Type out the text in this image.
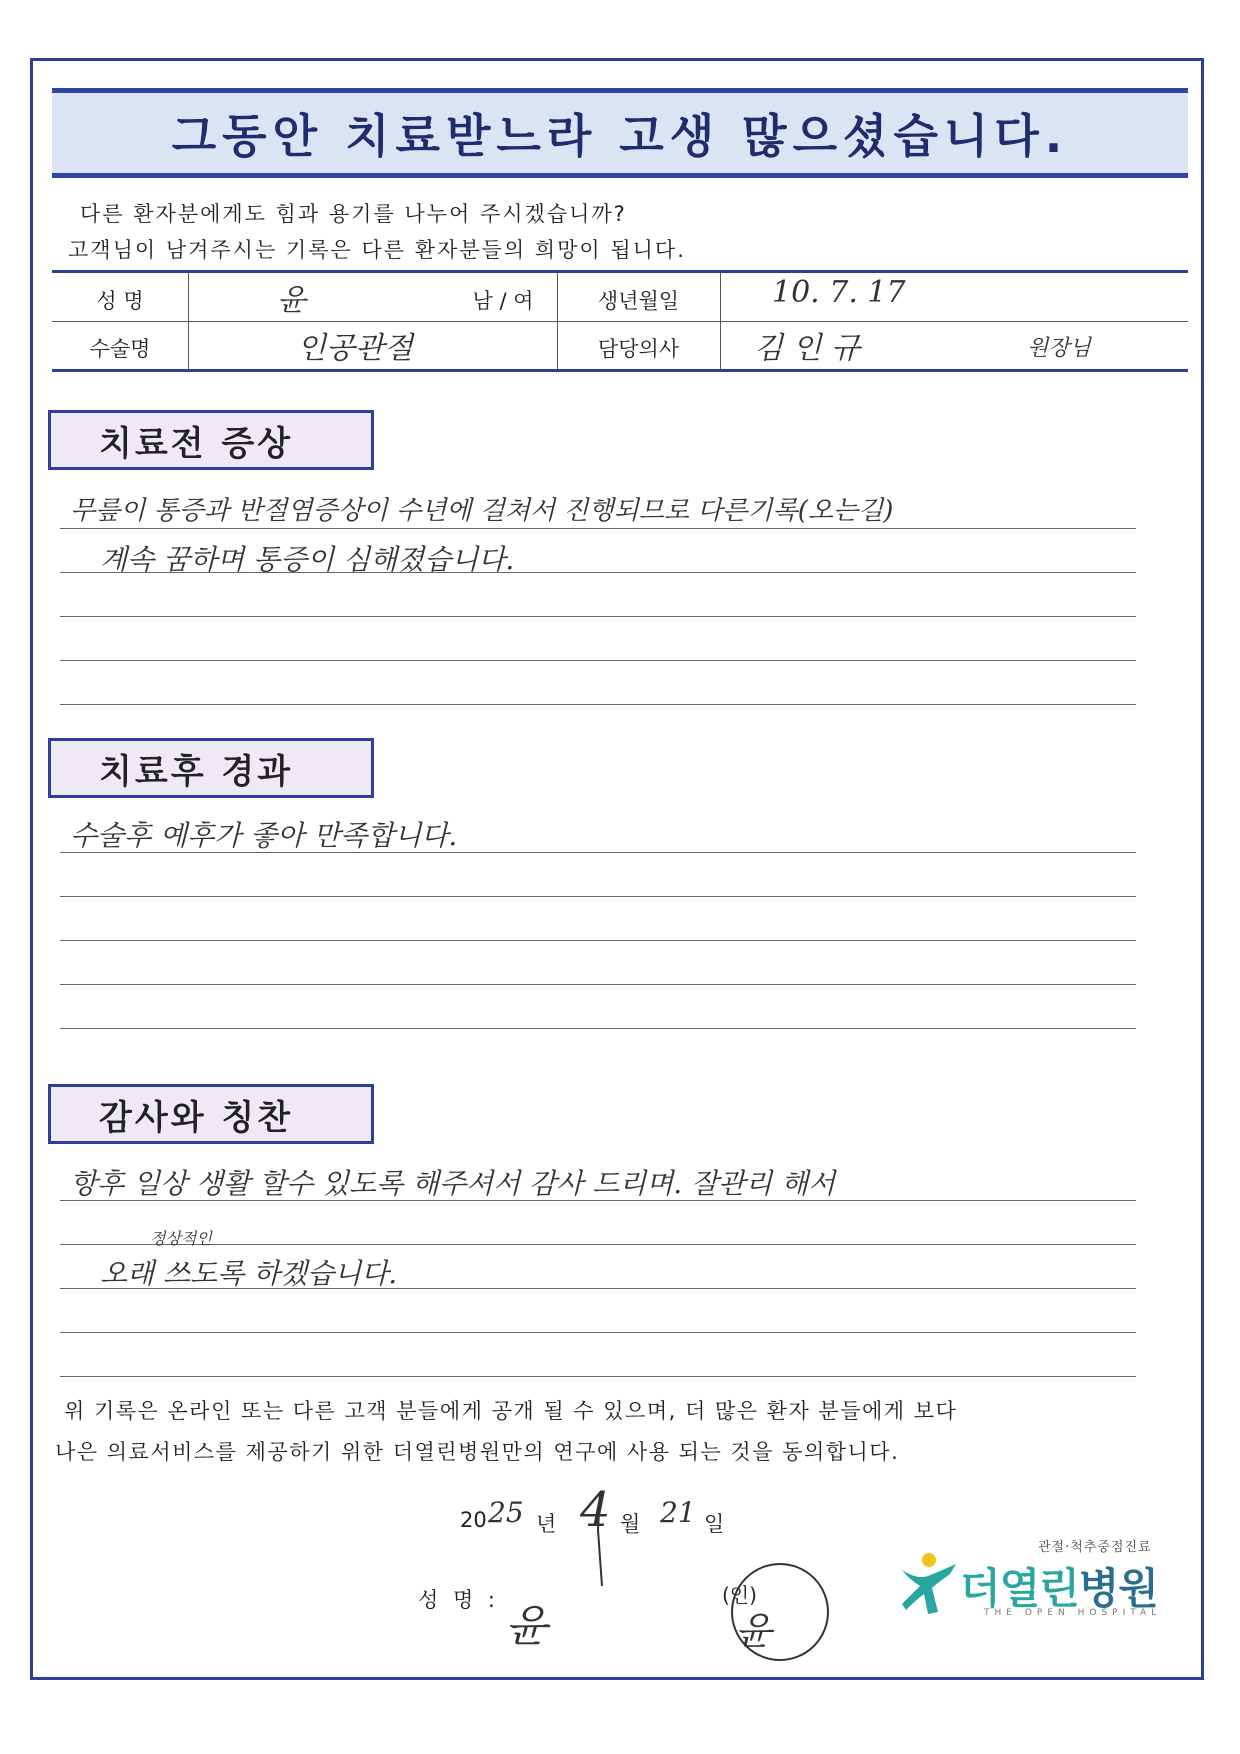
그동안 치료받느라 고생 많으셨습니다.
다른 환자분에게도 힘과 용기를 나누어 주시겠습니까?
고객님이 남겨주시는 기록은 다른 환자분들의 희망이 됩니다.
성 명	윤	남 / 여	생년월일	10. 7. 17
수술명	인공관절	담당의사	김 인 규	원장님
치료전 증상
무릎이 통증과 반절염증상이 수년에 걸쳐서 진행되므로 다른기록(오는길)
계속 꿈하며 통증이 심해졌습니다.
치료후 경과
수술후 예후가 좋아 만족합니다.
감사와 칭찬
항후 일상 생활 할수 있도록 해주셔서 감사 드리며. 잘관리 해서
정상적인
오래 쓰도록 하겠습니다.
위 기록은 온라인 또는 다른 고객 분들에게 공개 될 수 있으며, 더 많은 환자 분들에게 보다
나은 의료서비스를 제공하기 위한 더열린병원만의 연구에 사용 되는 것을 동의합니다.
20 25 년 4 월 21 일
성 명 :
윤
(인)
윤
관절·척추중점진료
더열린병원
THE OPEN HOSPITAL
